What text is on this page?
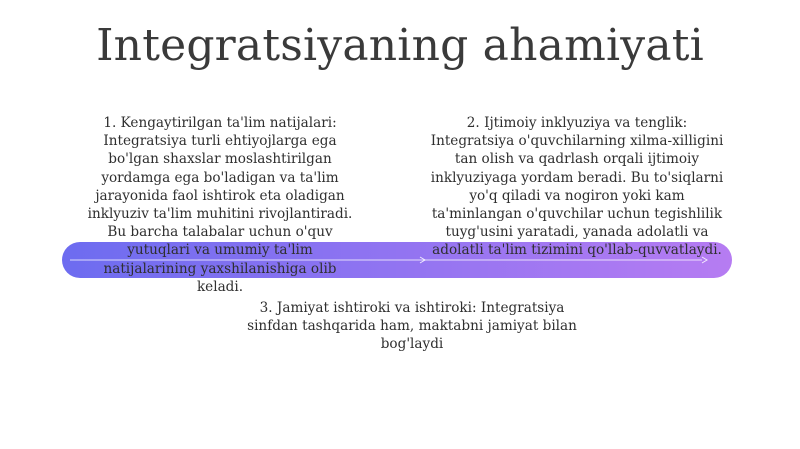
Integratsiyaning ahamiyati
1. Kengaytirilgan ta'lim natijalari:
Integratsiya turli ehtiyojlarga ega
bo'lgan shaxslar moslashtirilgan
yordamga ega bo'ladigan va ta'lim
jarayonida faol ishtirok eta oladigan
inklyuziv ta'lim muhitini rivojlantiradi.
Bu barcha talabalar uchun o'quv
yutuqlari va umumiy ta'lim
natijalarining yaxshilanishiga olib
keladi.
2. Ijtimoiy inklyuziya va tenglik:
Integratsiya o'quvchilarning xilma-xilligini
tan olish va qadrlash orqali ijtimoiy
inklyuziyaga yordam beradi. Bu to'siqlarni
yo'q qiladi va nogiron yoki kam
ta'minlangan o'quvchilar uchun tegishlilik
tuyg'usini yaratadi, yanada adolatli va
adolatli ta'lim tizimini qo'llab-quvvatlaydi.
3. Jamiyat ishtiroki va ishtiroki: Integratsiya
sinfdan tashqarida ham, maktabni jamiyat bilan
bog'laydi
